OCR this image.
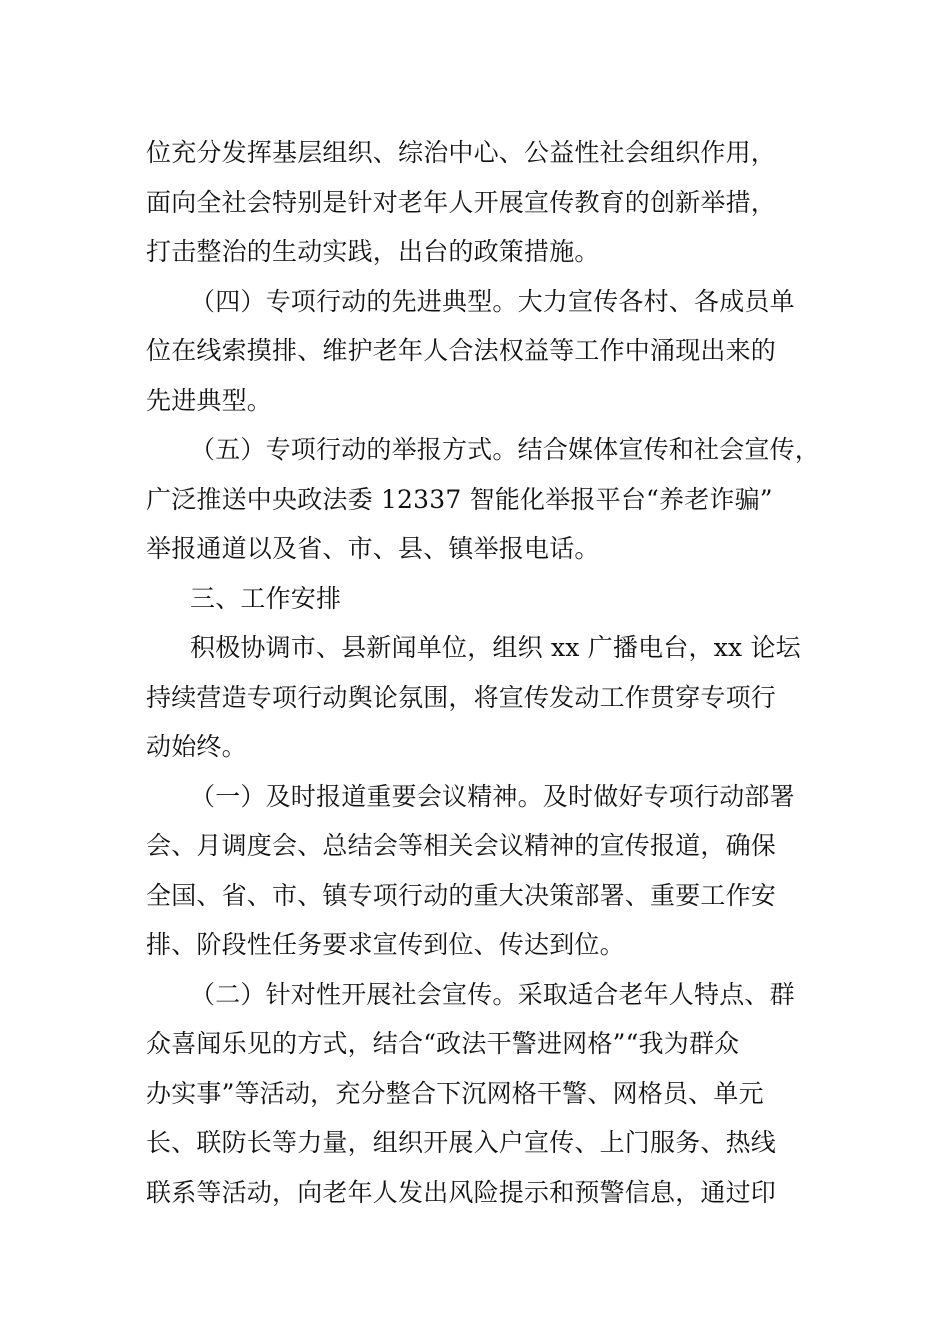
位充分发挥基层组织、综治中心、公益性社会组织作用，
面向全社会特别是针对老年人开展宣传教育的创新举措，
打击整治的生动实践，出台的政策措施。
（四）专项行动的先进典型。大力宣传各村、各成员单
位在线索摸排、维护老年人合法权益等工作中涌现出来的
先进典型。
（五）专项行动的举报方式。结合媒体宣传和社会宣传，
广泛推送中央政法委 12337 智能化举报平台“养老诈骗”
举报通道以及省、市、县、镇举报电话。
三、工作安排
积极协调市、县新闻单位，组织 xx 广播电台，xx 论坛
持续营造专项行动舆论氛围，将宣传发动工作贯穿专项行
动始终。
（一）及时报道重要会议精神。及时做好专项行动部署
会、月调度会、总结会等相关会议精神的宣传报道，确保
全国、省、市、镇专项行动的重大决策部署、重要工作安
排、阶段性任务要求宣传到位、传达到位。
（二）针对性开展社会宣传。采取适合老年人特点、群
众喜闻乐见的方式，结合“政法干警进网格”“我为群众
办实事”等活动，充分整合下沉网格干警、网格员、单元
长、联防长等力量，组织开展入户宣传、上门服务、热线
联系等活动，向老年人发出风险提示和预警信息，通过印
